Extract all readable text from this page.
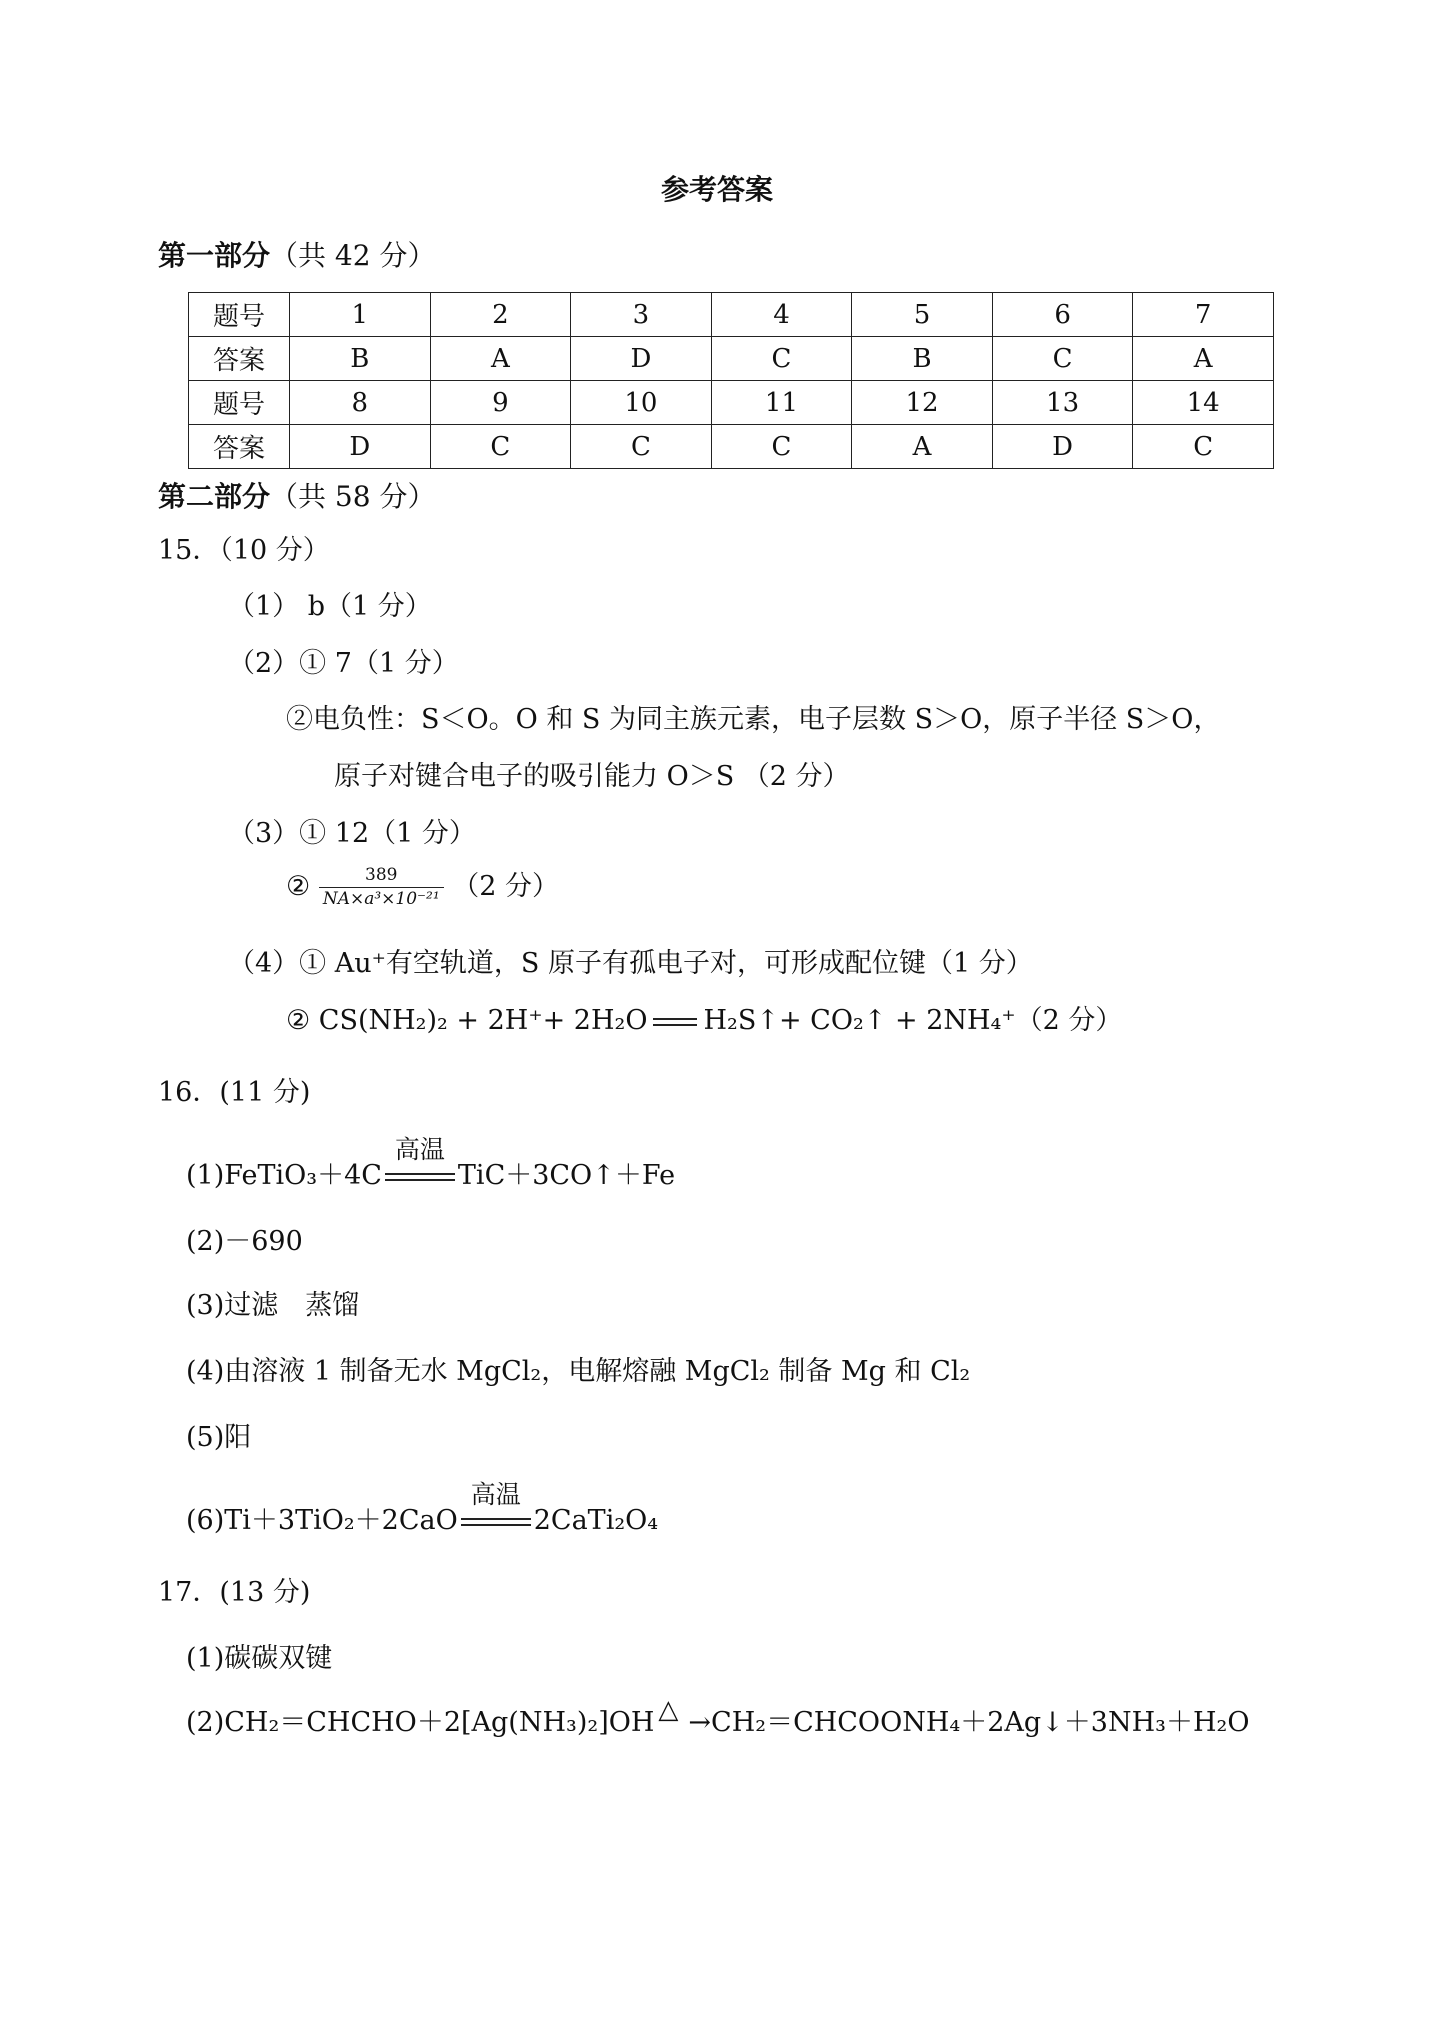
参考答案
第一部分（共 42 分）
题号	1	2	3	4	5	6	7
答案	B	A	D	C	B	C	A
题号	8	9	10	11	12	13	14
答案	D	C	C	C	A	D	C
第二部分（共 58 分）
15．（10 分）
（1） b（1 分）
（2）① 7（1 分）
②电负性：S＜O。O 和 S 为同主族元素，电子层数 S＞O，原子半径 S＞O，
原子对键合电子的吸引能力 O＞S （2 分）
（3）① 12（1 分）
② $\frac{389}{\text{NA×a³×10⁻²¹}} (2$ 分）
（4）① Au⁺有空轨道，S 原子有孤电子对，可形成配位键（1 分）
② CS(NH₂)₂ + 2H⁺+ 2H₂O H₂S↑+ CO₂↑ + 2NH₄⁺（2 分）
16．(11 分)
(1)FeTiO₃＋4C
高温
TiC＋3CO↑＋Fe
(2)－690
(3)过滤　蒸馏
(4)由溶液 1 制备无水 MgCl₂，电解熔融 MgCl₂ 制备 Mg 和 Cl₂
(5)阳
(6)Ti＋3TiO₂＋2CaO
高温
2CaTi₂O₄
17．(13 分)
(1)碳碳双键
(2)CH₂＝CHCHO＋2[Ag(NH₃)₂]OH △ →CH₂＝CHCOONH₄＋2Ag↓＋3NH₃＋H₂O
